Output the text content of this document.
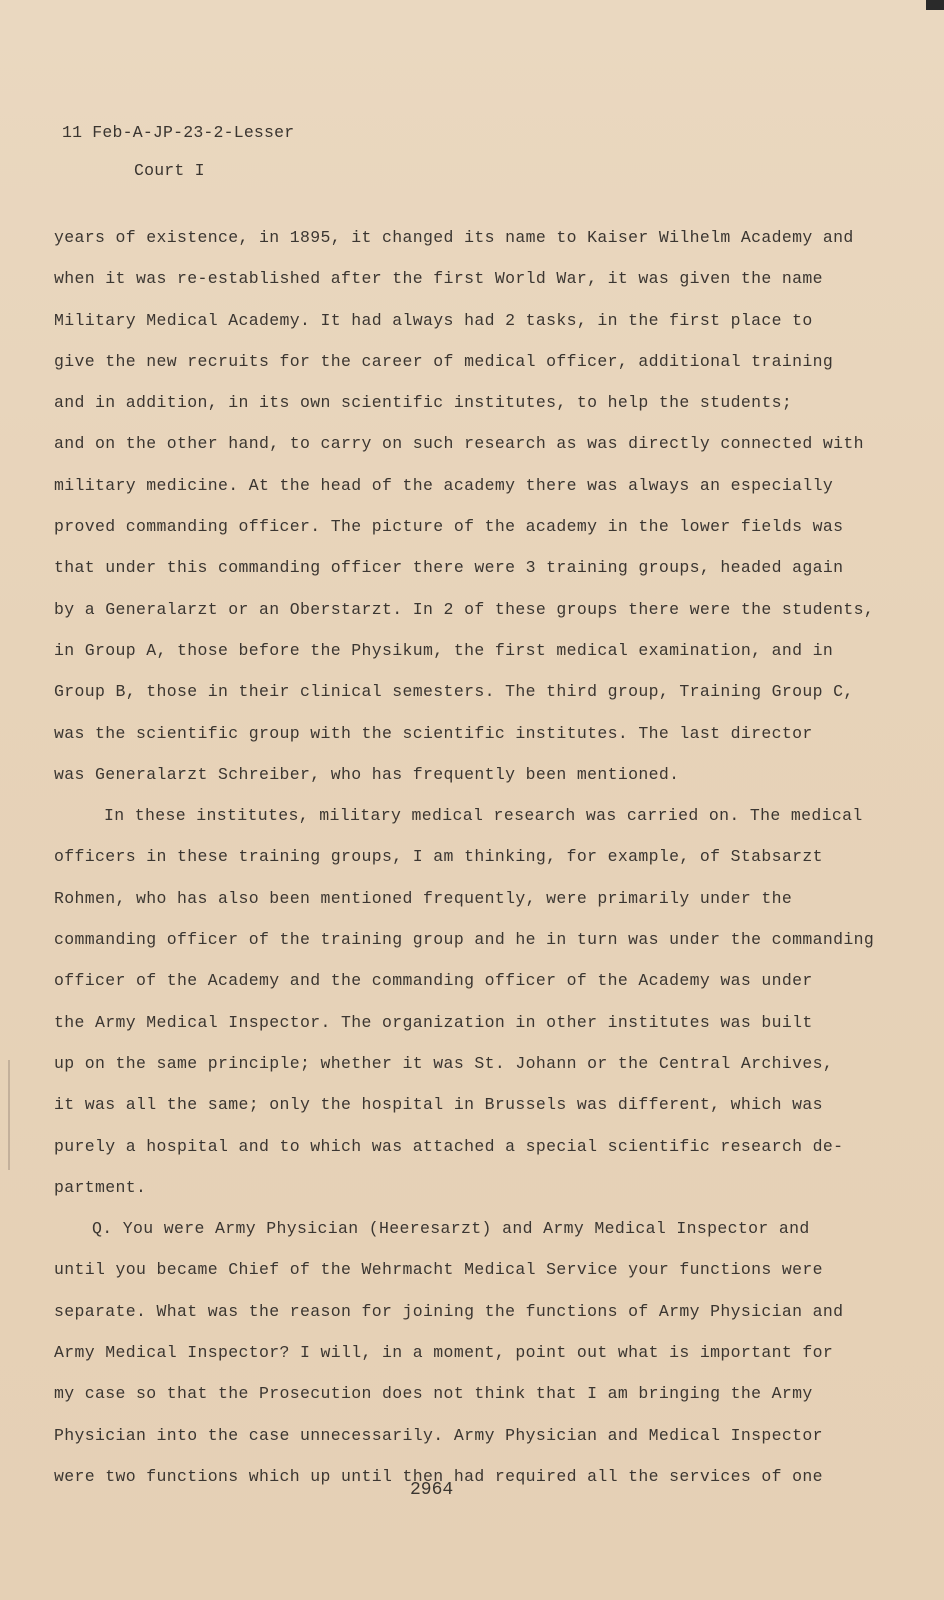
11 Feb-A-JP-23-2-Lesser
Court I
years of existence, in 1895, it changed its name to Kaiser Wilhelm Academy and
when it was re-established after the first World War, it was given the name
Military Medical Academy. It had always had 2 tasks, in the first place to
give the new recruits for the career of medical officer, additional training
and in addition, in its own scientific institutes, to help the students;
and on the other hand, to carry on such research as was directly connected with
military medicine. At the head of the academy there was always an especially
proved commanding officer. The picture of the academy in the lower fields was
that under this commanding officer there were 3 training groups, headed again
by a Generalarzt or an Oberstarzt. In 2 of these groups there were the students,
in Group A, those before the Physikum, the first medical examination, and in
Group B, those in their clinical semesters. The third group, Training Group C,
was the scientific group with the scientific institutes. The last director
was Generalarzt Schreiber, who has frequently been mentioned.
In these institutes, military medical research was carried on. The medical
officers in these training groups, I am thinking, for example, of Stabsarzt
Rohmen, who has also been mentioned frequently, were primarily under the
commanding officer of the training group and he in turn was under the commanding
officer of the Academy and the commanding officer of the Academy was under
the Army Medical Inspector. The organization in other institutes was built
up on the same principle; whether it was St. Johann or the Central Archives,
it was all the same; only the hospital in Brussels was different, which was
purely a hospital and to which was attached a special scientific research de-
partment.
Q. You were Army Physician (Heeresarzt) and Army Medical Inspector and
until you became Chief of the Wehrmacht Medical Service your functions were
separate. What was the reason for joining the functions of Army Physician and
Army Medical Inspector? I will, in a moment, point out what is important for
my case so that the Prosecution does not think that I am bringing the Army
Physician into the case unnecessarily. Army Physician and Medical Inspector
were two functions which up until then had required all the services of one
2964
